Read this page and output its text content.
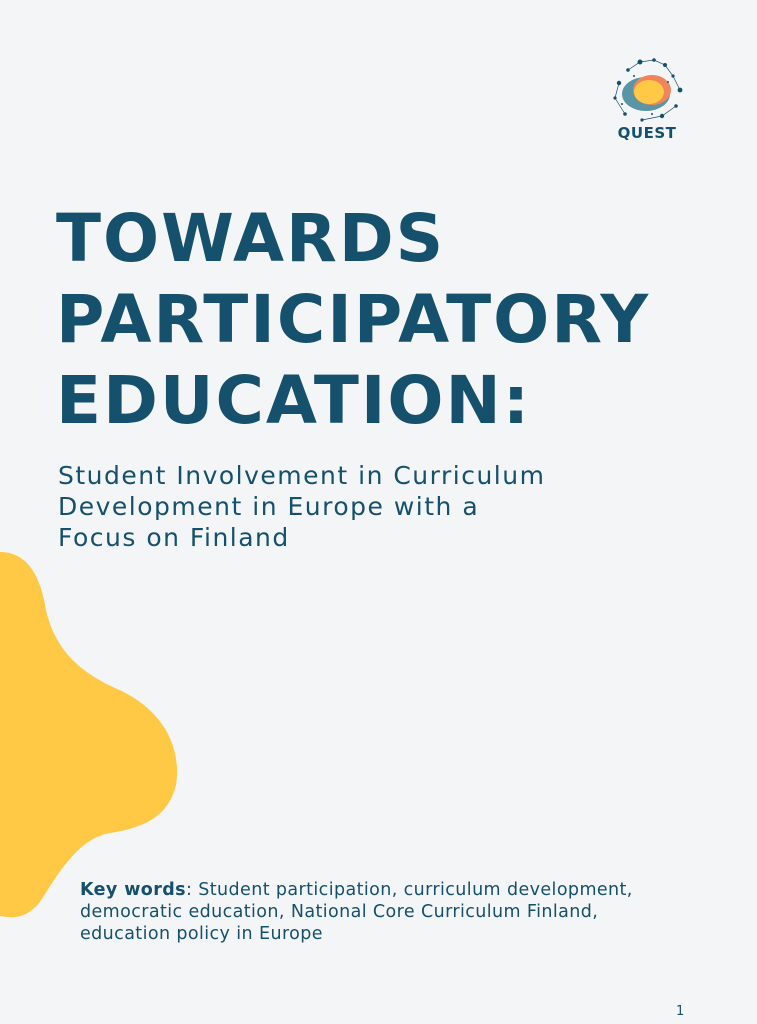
QUEST
TOWARDS
PARTICIPATORY
EDUCATION:
Student Involvement in Curriculum
Development in Europe with a
Focus on Finland

Key words: Student participation, curriculum development, democratic education, National Core Curriculum Finland, education policy in Europe

1
